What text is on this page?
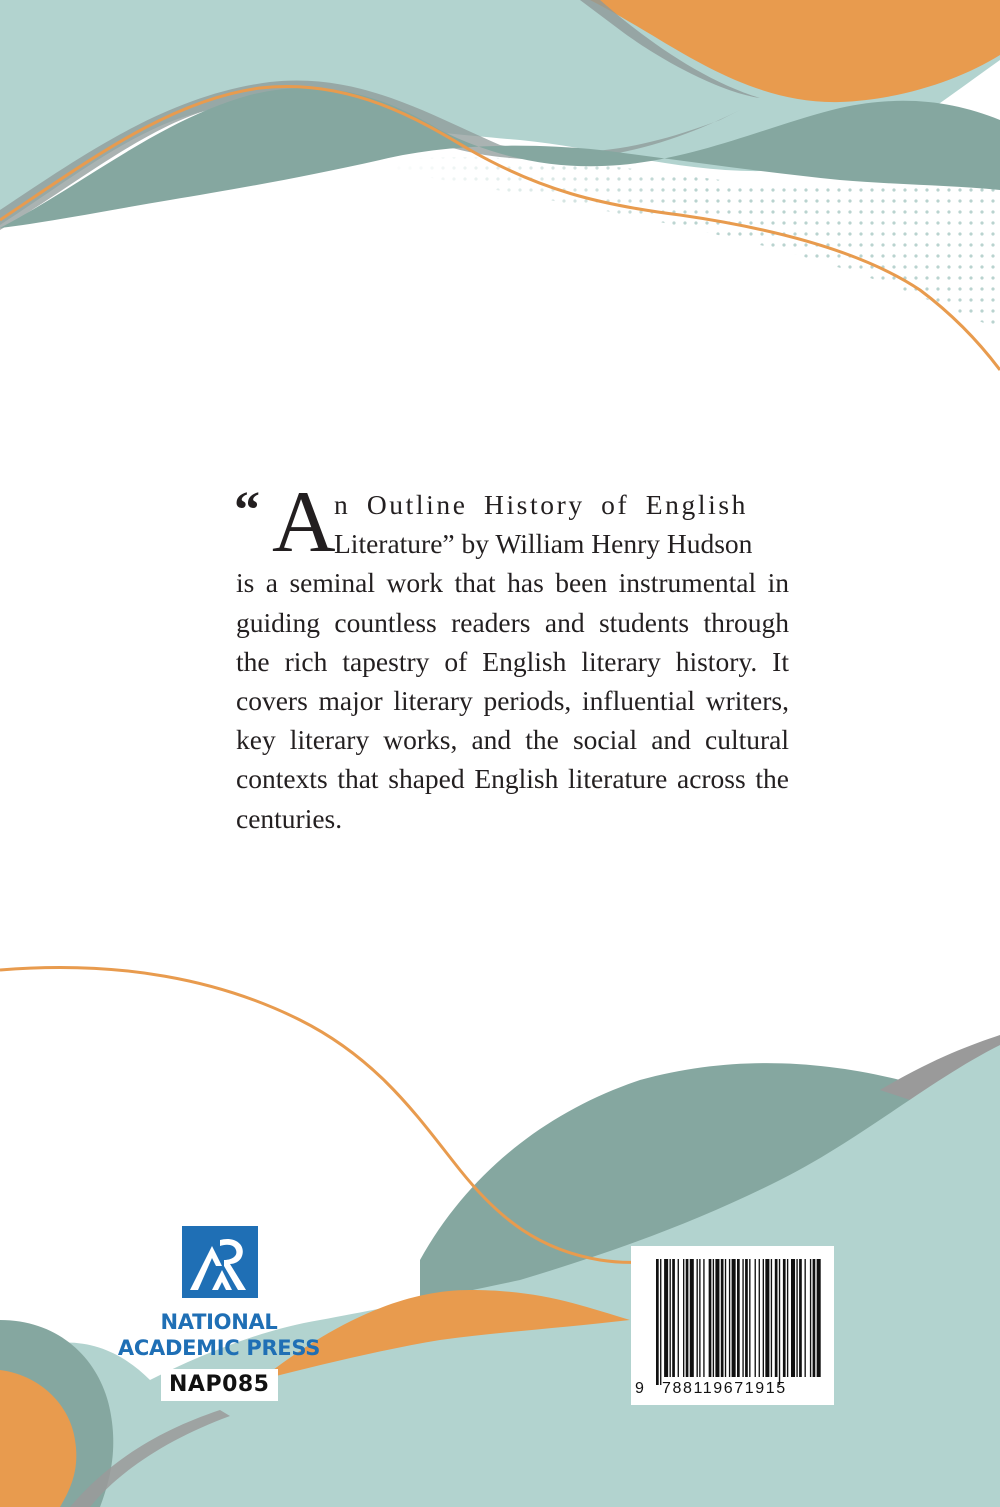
“ A
n Outline History of English
Literature” by William Henry Hudson
is a seminal work that has been instrumental in guiding countless readers and students through the rich tapestry of English literary history. It covers major literary periods, influential writers, key literary works, and the social and cultural contexts that shaped English literature across the centuries.
NATIONAL
ACADEMIC PRESS
NAP085	9 788119671915
